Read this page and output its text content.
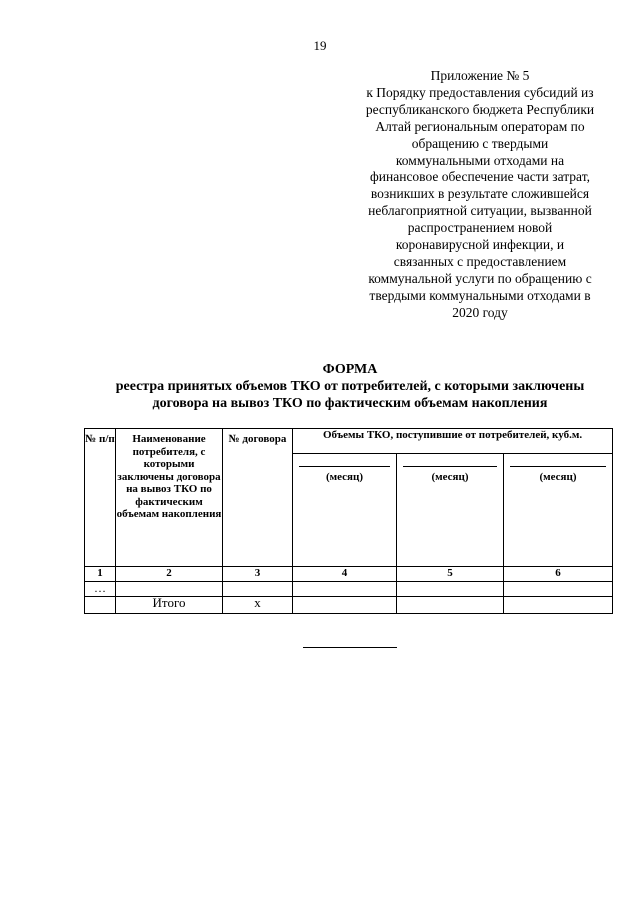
19
Приложение № 5
к Порядку предоставления субсидий из
республиканского бюджета Республики
Алтай региональным операторам по
обращению с твердыми
коммунальными отходами на
финансовое обеспечение части затрат,
возникших в результате сложившейся
неблагоприятной ситуации, вызванной
распространением новой
коронавирусной инфекции, и
связанных с предоставлением
коммунальной услуги по обращению с
твердыми коммунальными отходами в
2020 году
ФОРМА
реестра принятых объемов ТКО от потребителей, с которыми заключены
договора на вывоз ТКО по фактическим объемам накопления
№ п/п	Наименование потребителя, с которыми заключены договора на вывоз ТКО по фактическим объемам накопления	№ договора	Объемы ТКО, поступившие от потребителей, куб.м.		

			(месяц)	(месяц)	(месяц)

1	2	3	4	5	6
…					
	Итого	х			
